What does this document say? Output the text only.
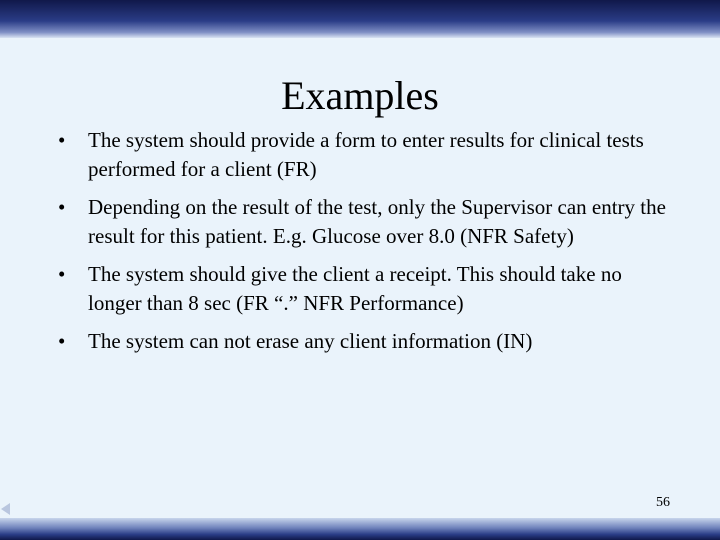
Examples
•	The system should provide a form to enter results for clinical tests performed for a client (FR)
•	Depending on the result of the test, only the Supervisor can entry the result for this patient. E.g. Glucose over 8.0 (NFR Safety)
•	The system should give the client a receipt. This should take no longer than 8 sec (FR “.” NFR Performance)
•	The system can not erase any client information (IN)
56
